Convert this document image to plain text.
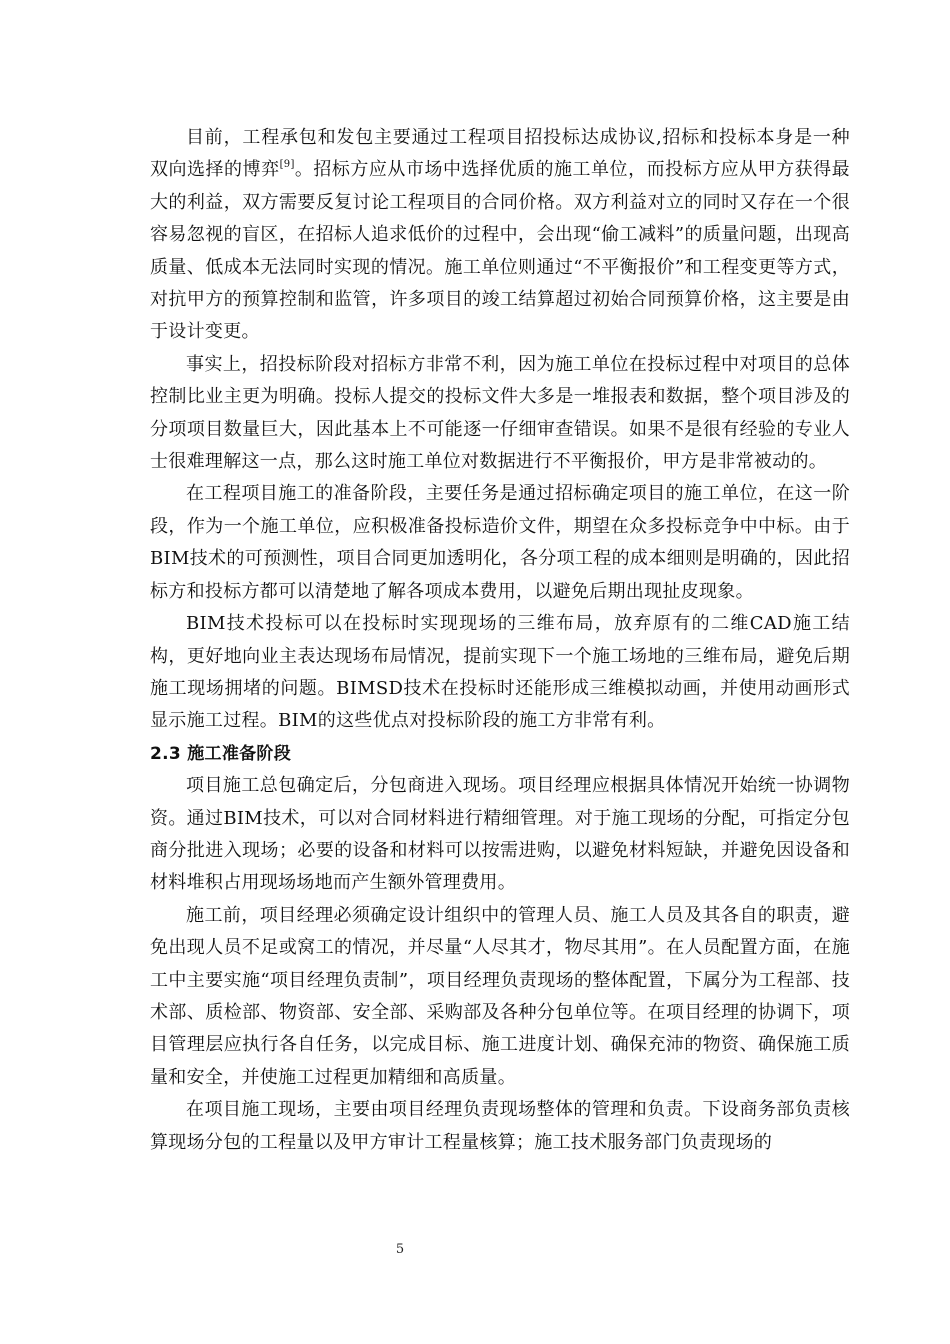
目前，工程承包和发包主要通过工程项目招投标达成协议,招标和投标本身是一种双向选择的博弈[9]。招标方应从市场中选择优质的施工单位，而投标方应从甲方获得最大的利益，双方需要反复讨论工程项目的合同价格。双方利益对立的同时又存在一个很容易忽视的盲区，在招标人追求低价的过程中，会出现“偷工减料”的质量问题，出现高质量、低成本无法同时实现的情况。施工单位则通过“不平衡报价”和工程变更等方式，对抗甲方的预算控制和监管，许多项目的竣工结算超过初始合同预算价格，这主要是由于设计变更。

事实上，招投标阶段对招标方非常不利，因为施工单位在投标过程中对项目的总体控制比业主更为明确。投标人提交的投标文件大多是一堆报表和数据，整个项目涉及的分项项目数量巨大，因此基本上不可能逐一仔细审查错误。如果不是很有经验的专业人士很难理解这一点，那么这时施工单位对数据进行不平衡报价，甲方是非常被动的。

在工程项目施工的准备阶段，主要任务是通过招标确定项目的施工单位，在这一阶段，作为一个施工单位，应积极准备投标造价文件，期望在众多投标竞争中中标。由于BIM技术的可预测性，项目合同更加透明化，各分项工程的成本细则是明确的，因此招标方和投标方都可以清楚地了解各项成本费用，以避免后期出现扯皮现象。

BIM技术投标可以在投标时实现现场的三维布局，放弃原有的二维CAD施工结构，更好地向业主表达现场布局情况，提前实现下一个施工场地的三维布局，避免后期施工现场拥堵的问题。BIMSD技术在投标时还能形成三维模拟动画，并使用动画形式显示施工过程。BIM的这些优点对投标阶段的施工方非常有利。

2.3 施工准备阶段

项目施工总包确定后，分包商进入现场。项目经理应根据具体情况开始统一协调物资。通过BIM技术，可以对合同材料进行精细管理。对于施工现场的分配，可指定分包商分批进入现场；必要的设备和材料可以按需进购，以避免材料短缺，并避免因设备和材料堆积占用现场场地而产生额外管理费用。

施工前，项目经理必须确定设计组织中的管理人员、施工人员及其各自的职责，避免出现人员不足或窝工的情况，并尽量“人尽其才，物尽其用”。在人员配置方面，在施工中主要实施“项目经理负责制”，项目经理负责现场的整体配置，下属分为工程部、技术部、质检部、物资部、安全部、采购部及各种分包单位等。在项目经理的协调下，项目管理层应执行各自任务，以完成目标、施工进度计划、确保充沛的物资、确保施工质量和安全，并使施工过程更加精细和高质量。

在项目施工现场，主要由项目经理负责现场整体的管理和负责。下设商务部负责核算现场分包的工程量以及甲方审计工程量核算；施工技术服务部门负责现场的

5
